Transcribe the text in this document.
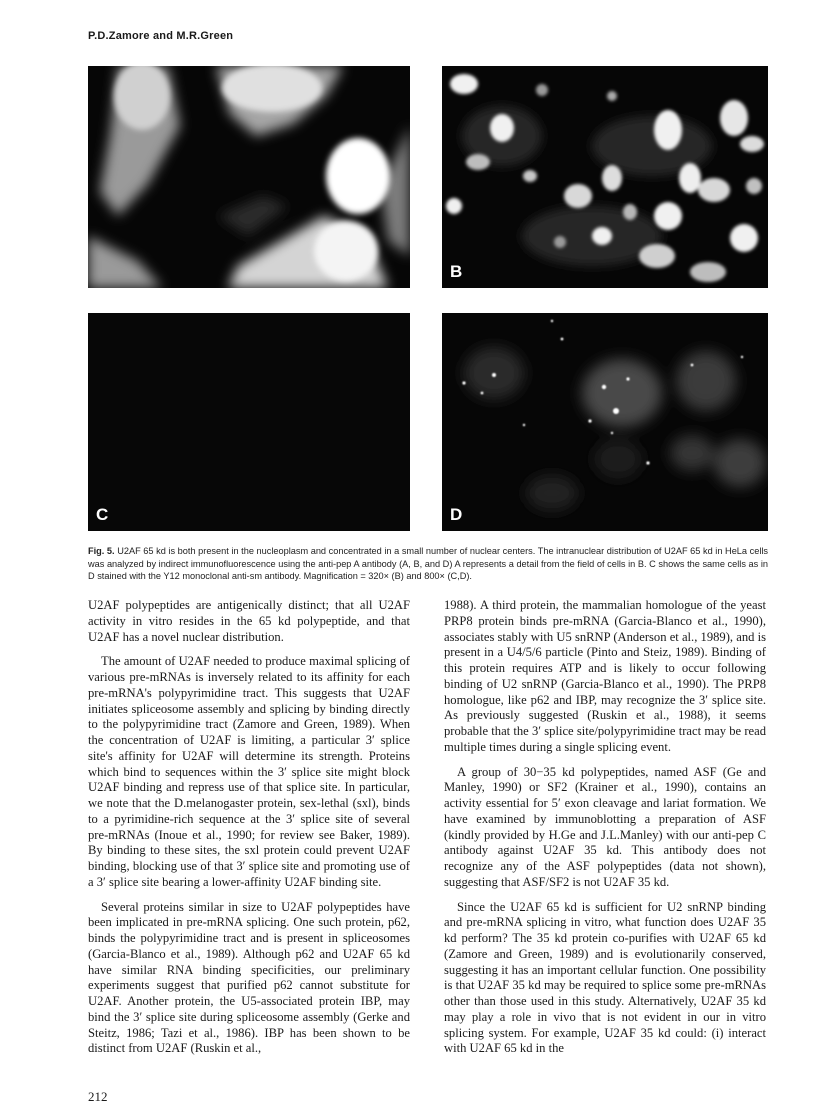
P.D.Zamore and M.R.Green
B
C	D
Fig. 5. U2AF 65 kd is both present in the nucleoplasm and concentrated in a small number of nuclear centers. The intranuclear distribution of U2AF 65 kd in HeLa cells was analyzed by indirect immunofluorescence using the anti-pep A antibody (A, B, and D) A represents a detail from the field of cells in B. C shows the same cells as in D stained with the Y12 monoclonal anti-sm antibody. Magnification = 320× (B) and 800× (C,D).

U2AF polypeptides are antigenically distinct; that all U2AF activity in vitro resides in the 65 kd polypeptide, and that U2AF has a novel nuclear distribution.

The amount of U2AF needed to produce maximal splicing of various pre-mRNAs is inversely related to its affinity for each pre-mRNA's polypyrimidine tract. This suggests that U2AF initiates spliceosome assembly and splicing by binding directly to the polypyrimidine tract (Zamore and Green, 1989). When the concentration of U2AF is limiting, a particular 3′ splice site's affinity for U2AF will determine its strength. Proteins which bind to sequences within the 3′ splice site might block U2AF binding and repress use of that splice site. In particular, we note that the D.melanogaster protein, sex-lethal (sxl), binds to a pyrimidine-rich sequence at the 3′ splice site of several pre-mRNAs (Inoue et al., 1990; for review see Baker, 1989). By binding to these sites, the sxl protein could prevent U2AF binding, blocking use of that 3′ splice site and promoting use of a 3′ splice site bearing a lower-affinity U2AF binding site.

Several proteins similar in size to U2AF polypeptides have been implicated in pre-mRNA splicing. One such protein, p62, binds the polypyrimidine tract and is present in spliceosomes (Garcia-Blanco et al., 1989). Although p62 and U2AF 65 kd have similar RNA binding specificities, our preliminary experiments suggest that purified p62 cannot substitute for U2AF. Another protein, the U5-associated protein IBP, may bind the 3′ splice site during spliceosome assembly (Gerke and Steitz, 1986; Tazi et al., 1986). IBP has been shown to be distinct from U2AF (Ruskin et al.,

1988). A third protein, the mammalian homologue of the yeast PRP8 protein binds pre-mRNA (Garcia-Blanco et al., 1990), associates stably with U5 snRNP (Anderson et al., 1989), and is present in a U4/5/6 particle (Pinto and Steiz, 1989). Binding of this protein requires ATP and is likely to occur following binding of U2 snRNP (Garcia-Blanco et al., 1990). The PRP8 homologue, like p62 and IBP, may recognize the 3′ splice site. As previously suggested (Ruskin et al., 1988), it seems probable that the 3′ splice site/polypyrimidine tract may be read multiple times during a single splicing event.

A group of 30−35 kd polypeptides, named ASF (Ge and Manley, 1990) or SF2 (Krainer et al., 1990), contains an activity essential for 5′ exon cleavage and lariat formation. We have examined by immunoblotting a preparation of ASF (kindly provided by H.Ge and J.L.Manley) with our anti-pep C antibody against U2AF 35 kd. This antibody does not recognize any of the ASF polypeptides (data not shown), suggesting that ASF/SF2 is not U2AF 35 kd.

Since the U2AF 65 kd is sufficient for U2 snRNP binding and pre-mRNA splicing in vitro, what function does U2AF 35 kd perform? The 35 kd protein co-purifies with U2AF 65 kd (Zamore and Green, 1989) and is evolutionarily conserved, suggesting it has an important cellular function. One possibility is that U2AF 35 kd may be required to splice some pre-mRNAs other than those used in this study. Alternatively, U2AF 35 kd may play a role in vivo that is not evident in our in vitro splicing system. For example, U2AF 35 kd could: (i) interact with U2AF 65 kd in the

212
